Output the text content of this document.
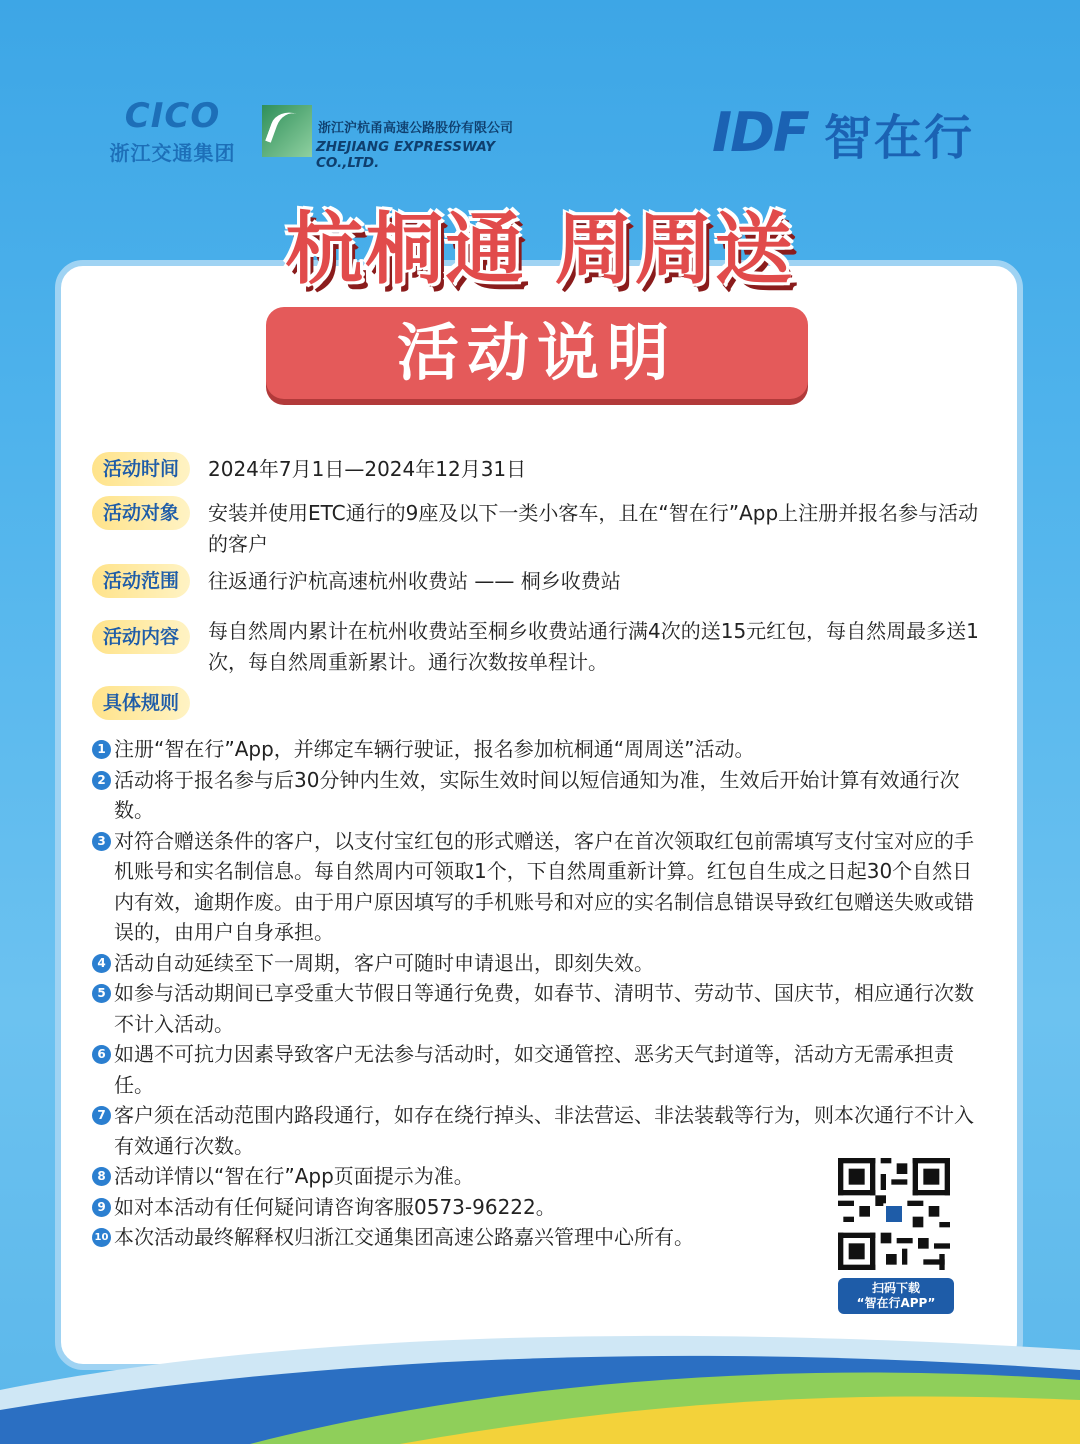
CICO
浙江交通集团
浙江沪杭甬高速公路股份有限公司
ZHEJIANG EXPRESSWAY CO.,LTD.	IDF 智在行
杭桐通 周周送
活动说明
活动时间	2024年7月1日—2024年12月31日
活动对象	安装并使用ETC通行的9座及以下一类小客车，且在“智在行”App上注册并报名参与活动的客户
活动范围	往返通行沪杭高速杭州收费站 —— 桐乡收费站
活动内容	每自然周内累计在杭州收费站至桐乡收费站通行满4次的送15元红包，每自然周最多送1次，每自然周重新累计。通行次数按单程计。
具体规则
1 注册“智在行”App，并绑定车辆行驶证，报名参加杭桐通“周周送”活动。
2 活动将于报名参与后30分钟内生效，实际生效时间以短信通知为准，生效后开始计算有效通行次数。
3 对符合赠送条件的客户，以支付宝红包的形式赠送，客户在首次领取红包前需填写支付宝对应的手机账号和实名制信息。每自然周内可领取1个，下自然周重新计算。红包自生成之日起30个自然日内有效，逾期作废。由于用户原因填写的手机账号和对应的实名制信息错误导致红包赠送失败或错误的，由用户自身承担。
4 活动自动延续至下一周期，客户可随时申请退出，即刻失效。
5 如参与活动期间已享受重大节假日等通行免费，如春节、清明节、劳动节、国庆节，相应通行次数不计入活动。
6 如遇不可抗力因素导致客户无法参与活动时，如交通管控、恶劣天气封道等，活动方无需承担责任。
7 客户须在活动范围内路段通行，如存在绕行掉头、非法营运、非法装载等行为，则本次通行不计入有效通行次数。
8 活动详情以“智在行”App页面提示为准。
9 如对本活动有任何疑问请咨询客服0573-96222。
10 本次活动最终解释权归浙江交通集团高速公路嘉兴管理中心所有。
扫码下载
“智在行APP”
